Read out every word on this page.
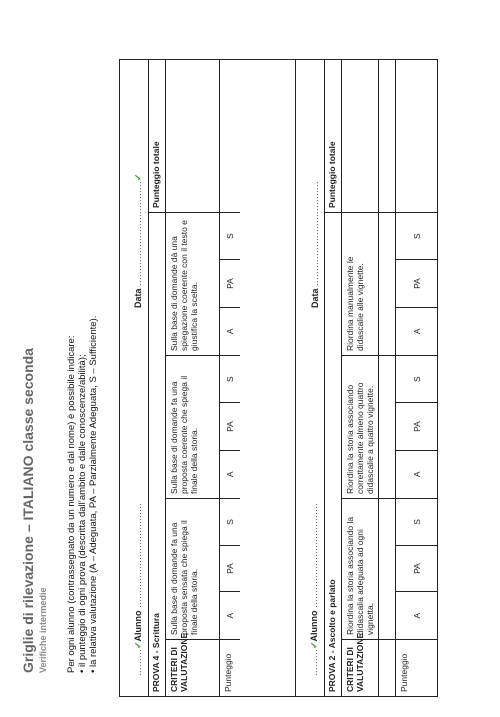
Griglie di rilevazione – ITALIANO classe seconda Verifiche intermedie Per ogni alunno (contrassegnato da un numero e dal nome) è possibile indicare: • il punteggio di ogni prova (descritta dall’ambito e dalle conoscenze/abilità); • la relativa valutazione (A – Adeguata, PA – Parzialmente Adeguata, S – Sufficiente).	.........✓Alunno ...................................
Data ...................................✓
PROVA 4 - Scrittura
Punteggio totale
CRITERI DI VALUTAZIONE
Sulla base di domande fa una proposta sensata che spiega il finale della storia.
Sulla base di domande fa una proposta coerente che spiega il finale della storia.
Sulla base di domande dà una spiegazione coerente con il testo e giustifica la scelta.
Punteggio
A
PA
S
A
PA
S
A
PA
S
.........✓Alunno ...................................
Data ...................................
PROVA 2 - Ascolto e parlato
Punteggio totale
CRITERI DI VALUTAZIONE
Riordina la storia associando la didascalia adeguata ad ogni vignetta.
Riordina la storia associando correttamente almeno quattro didascalie a quattro vignette.
Riordina manualmente le didascalie alle vignette.
Punteggio
A
PA
S
A
PA
S
A
PA
S
